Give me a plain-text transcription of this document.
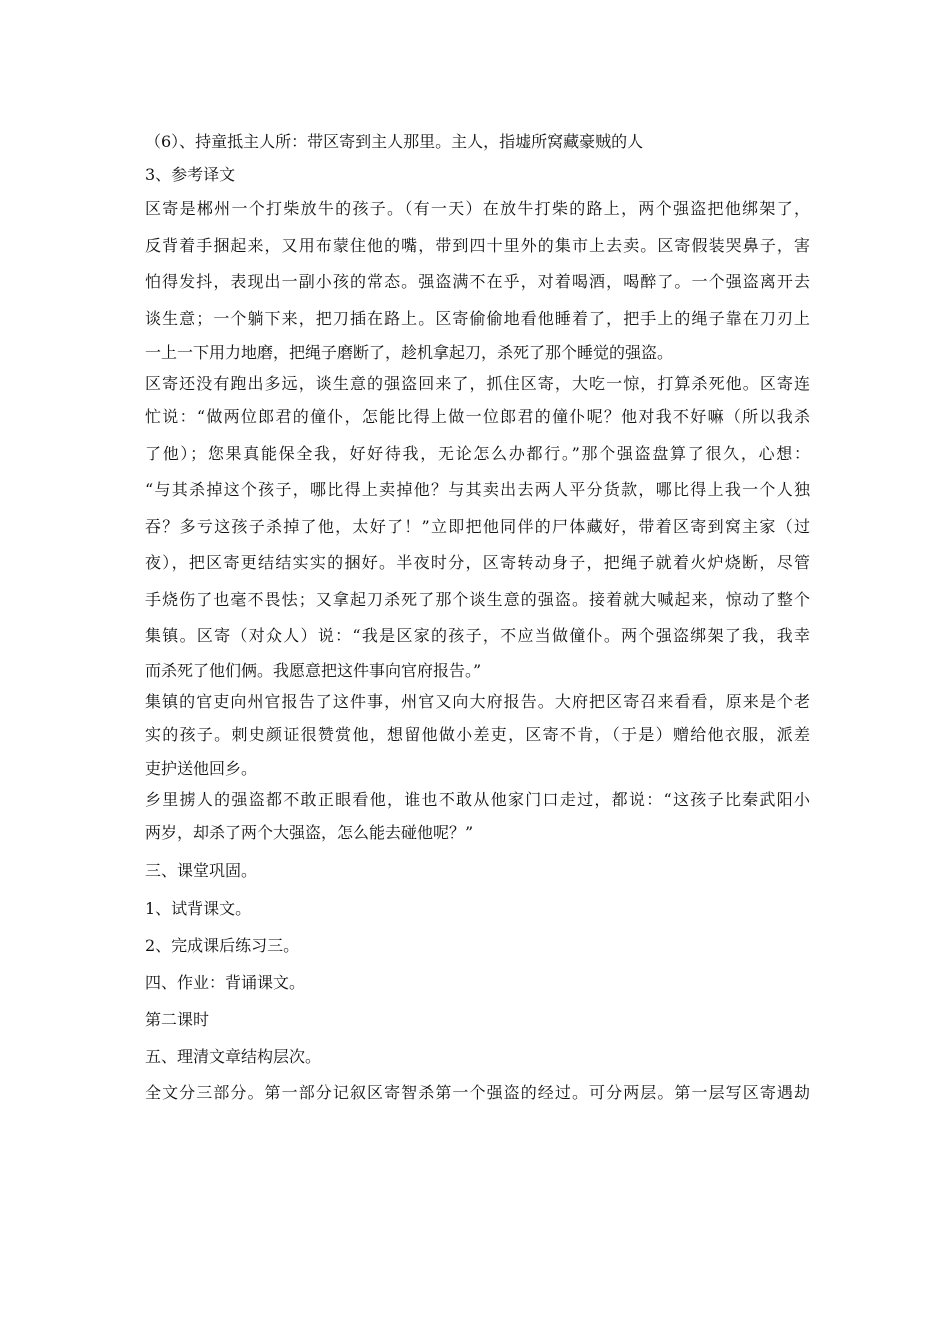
（6）、持童抵主人所：带区寄到主人那里。主人，指墟所窝藏豪贼的人
3、参考译文
区寄是郴州一个打柴放牛的孩子。（有一天）在放牛打柴的路上，两个强盗把他绑架了，
反背着手捆起来，又用布蒙住他的嘴，带到四十里外的集市上去卖。区寄假装哭鼻子，害
怕得发抖，表现出一副小孩的常态。强盗满不在乎，对着喝酒，喝醉了。一个强盗离开去
谈生意；一个躺下来，把刀插在路上。区寄偷偷地看他睡着了，把手上的绳子靠在刀刃上
一上一下用力地磨，把绳子磨断了，趁机拿起刀，杀死了那个睡觉的强盗。
区寄还没有跑出多远，谈生意的强盗回来了，抓住区寄，大吃一惊，打算杀死他。区寄连
忙说：“做两位郎君的僮仆，怎能比得上做一位郎君的僮仆呢？他对我不好嘛（所以我杀
了他）；您果真能保全我，好好待我，无论怎么办都行。”那个强盗盘算了很久，心想：
“与其杀掉这个孩子，哪比得上卖掉他？与其卖出去两人平分货款，哪比得上我一个人独
吞？多亏这孩子杀掉了他，太好了！”立即把他同伴的尸体藏好，带着区寄到窝主家（过
夜），把区寄更结结实实的捆好。半夜时分，区寄转动身子，把绳子就着火炉烧断，尽管
手烧伤了也毫不畏怯；又拿起刀杀死了那个谈生意的强盗。接着就大喊起来，惊动了整个
集镇。区寄（对众人）说：“我是区家的孩子，不应当做僮仆。两个强盗绑架了我，我幸
而杀死了他们俩。我愿意把这件事向官府报告。”
集镇的官吏向州官报告了这件事，州官又向大府报告。大府把区寄召来看看，原来是个老
实的孩子。刺史颜证很赞赏他，想留他做小差吏，区寄不肯，（于是）赠给他衣服，派差
吏护送他回乡。
乡里掳人的强盗都不敢正眼看他，谁也不敢从他家门口走过，都说：“这孩子比秦武阳小
两岁，却杀了两个大强盗，怎么能去碰他呢？”
三、课堂巩固。
1、试背课文。
2、完成课后练习三。
四、作业：背诵课文。
第二课时
五、理清文章结构层次。
全文分三部分。第一部分记叙区寄智杀第一个强盗的经过。可分两层。第一层写区寄遇劫
